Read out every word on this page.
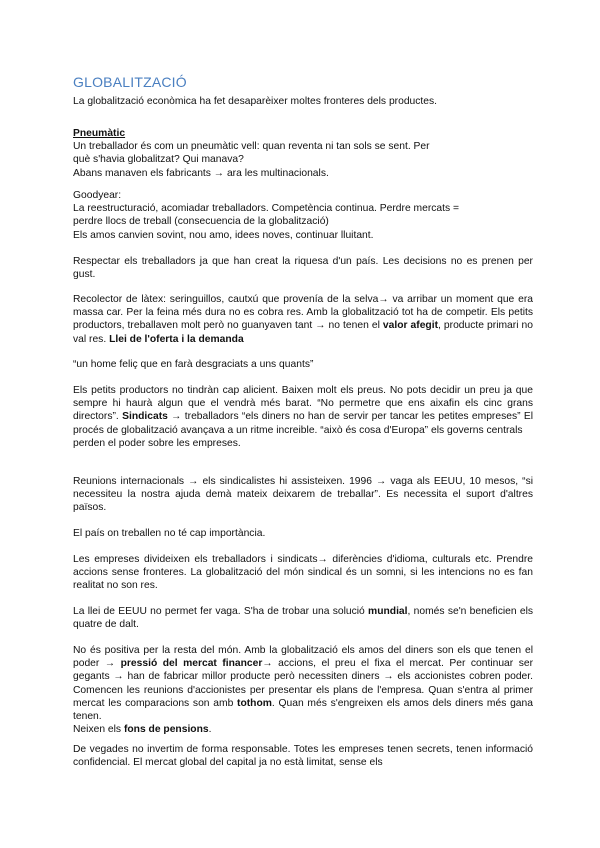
GLOBALITZACIÓ

La globalització econòmica ha fet desaparèixer moltes fronteres dels productes.

Pneumàtic

Un treballador és com un pneumàtic vell: quan reventa ni tan sols se sent. Per

què s'havia globalitzat? Qui manava?

Abans manaven els fabricants → ara les multinacionals.

Goodyear:

La reestructuració, acomiadar treballadors. Competència continua. Perdre mercats =

perdre llocs de treball (consecuencia de la globalització)

Els amos canvien sovint, nou amo, idees noves, continuar lluitant.

Respectar els treballadors ja que han creat la riquesa d'un país. Les decisions no es prenen per gust.

Recolector de làtex: seringuillos, cautxú que provenía de la selva→ va arribar un moment que era massa car. Per la feina més dura no es cobra res. Amb la globalització tot ha de competir. Els petits productors, treballaven molt però no guanyaven tant → no tenen el valor afegit, producte primari no val res. Llei de l'oferta i la demanda

“un home feliç que en farà desgraciats a uns quants”

Els petits productors no tindràn cap alicient. Baixen molt els preus. No pots decidir un preu ja que sempre hi haurà algun que el vendrà més barat. “No permetre que ens aixafin els cinc grans directors”. Sindicats → treballadors “els diners no han de servir per tancar les petites empreses” El procés de globalització avançava a un ritme increible. “això és cosa d'Europa” els governs centrals

perden el poder sobre les empreses.

Reunions internacionals → els sindicalistes hi assisteixen. 1996 → vaga als EEUU, 10 mesos, “si necessiteu la nostra ajuda demà mateix deixarem de treballar”. Es necessita el suport d'altres països.

El país on treballen no té cap importància.

Les empreses divideixen els treballadors i sindicats→ diferències d'idioma, culturals etc. Prendre accions sense fronteres. La globalització del món sindical és un somni, si les intencions no es fan realitat no son res.

La llei de EEUU no permet fer vaga. S'ha de trobar una solució mundial, només se'n beneficien els quatre de dalt.

No és positiva per la resta del món. Amb la globalització els amos del diners son els que tenen el poder → pressió del mercat financer→ accions, el preu el fixa el mercat. Per continuar ser gegants → han de fabricar millor producte però necessiten diners → els accionistes cobren poder. Comencen les reunions d'accionistes per presentar els plans de l'empresa. Quan s'entra al primer mercat les comparacions son amb tothom. Quan més s'engreixen els amos dels diners més gana tenen.

Neixen els fons de pensions.

De vegades no invertim de forma responsable. Totes les empreses tenen secrets, tenen informació confidencial. El mercat global del capital ja no està limitat, sense els
